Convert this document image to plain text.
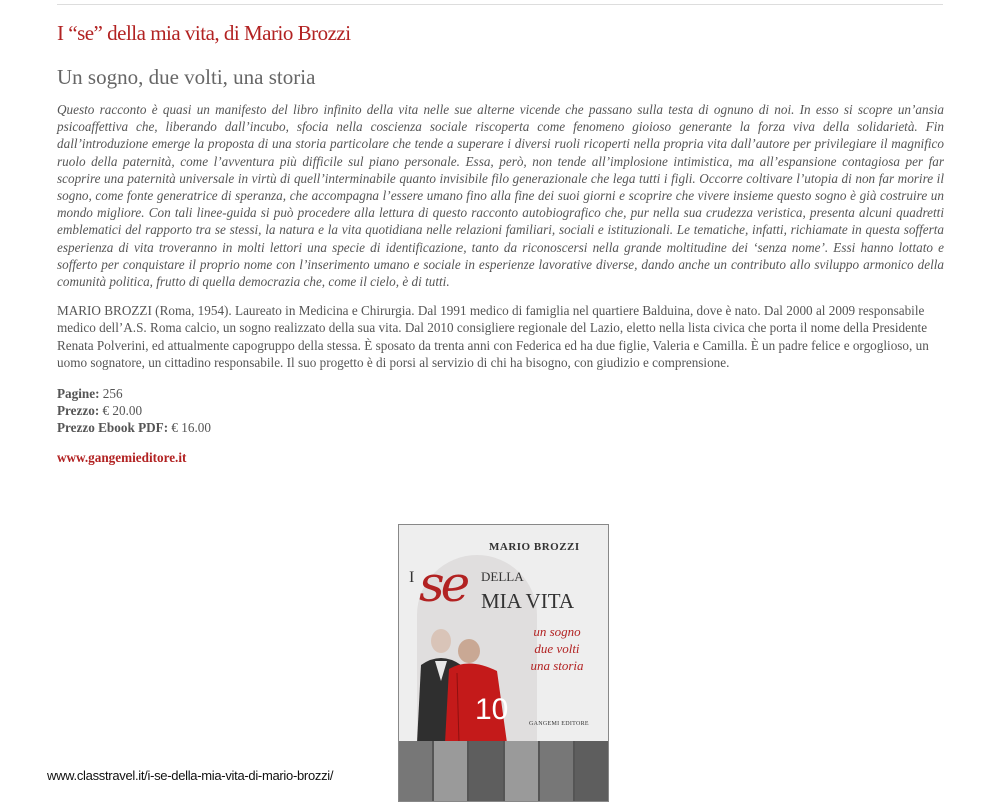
I “se” della mia vita, di Mario Brozzi
Un sogno, due volti, una storia

Questo racconto è quasi un manifesto del libro infinito della vita nelle sue alterne vicende che passano sulla testa di ognuno di noi. In esso si scopre un’ansia psicoaffettiva che, liberando dall’incubo, sfocia nella coscienza sociale riscoperta come fenomeno gioioso generante la forza viva della solidarietà. Fin dall’introduzione emerge la proposta di una storia particolare che tende a superare i diversi ruoli ricoperti nella propria vita dall’autore per privilegiare il magnifico ruolo della paternità, come l’avventura più difficile sul piano personale. Essa, però, non tende all’implosione intimistica, ma all’espansione contagiosa per far scoprire una paternità universale in virtù di quell’interminabile quanto invisibile filo generazionale che lega tutti i figli. Occorre coltivare l’utopia di non far morire il sogno, come fonte generatrice di speranza, che accompagna l’essere umano fino alla fine dei suoi giorni e scoprire che vivere insieme questo sogno è già costruire un mondo migliore. Con tali linee-guida si può procedere alla lettura di questo racconto autobiografico che, pur nella sua crudezza veristica, presenta alcuni quadretti emblematici del rapporto tra se stessi, la natura e la vita quotidiana nelle relazioni familiari, sociali e istituzionali. Le tematiche, infatti, richiamate in questa sofferta esperienza di vita troveranno in molti lettori una specie di identificazione, tanto da riconoscersi nella grande moltitudine dei ‘senza nome’. Essi hanno lottato e sofferto per conquistare il proprio nome con l’inserimento umano e sociale in esperienze lavorative diverse, dando anche un contributo allo sviluppo armonico della comunità politica, frutto di quella democrazia che, come il cielo, è di tutti.

MARIO BROZZI (Roma, 1954). Laureato in Medicina e Chirurgia. Dal 1991 medico di famiglia nel quartiere Balduina, dove è nato. Dal 2000 al 2009 responsabile medico dell’A.S. Roma calcio, un sogno realizzato della sua vita. Dal 2010 consigliere regionale del Lazio, eletto nella lista civica che porta il nome della Presidente Renata Polverini, ed attualmente capogruppo della stessa. È sposato da trenta anni con Federica ed ha due figlie, Valeria e Camilla. È un padre felice e orgoglioso, un uomo sognatore, un cittadino responsabile. Il suo progetto è di porsi al servizio di chi ha bisogno, con giudizio e comprensione.

Pagine: 256
Prezzo: € 20.00
Prezzo Ebook PDF: € 16.00
www.gangemieditore.it
MARIO BROZZI
se
I	DELLA
MIA VITA
un sogno
due volti
una storia
10	GANGEMI EDITORE
www.classtravel.it/i-se-della-mia-vita-di-mario-brozzi/
